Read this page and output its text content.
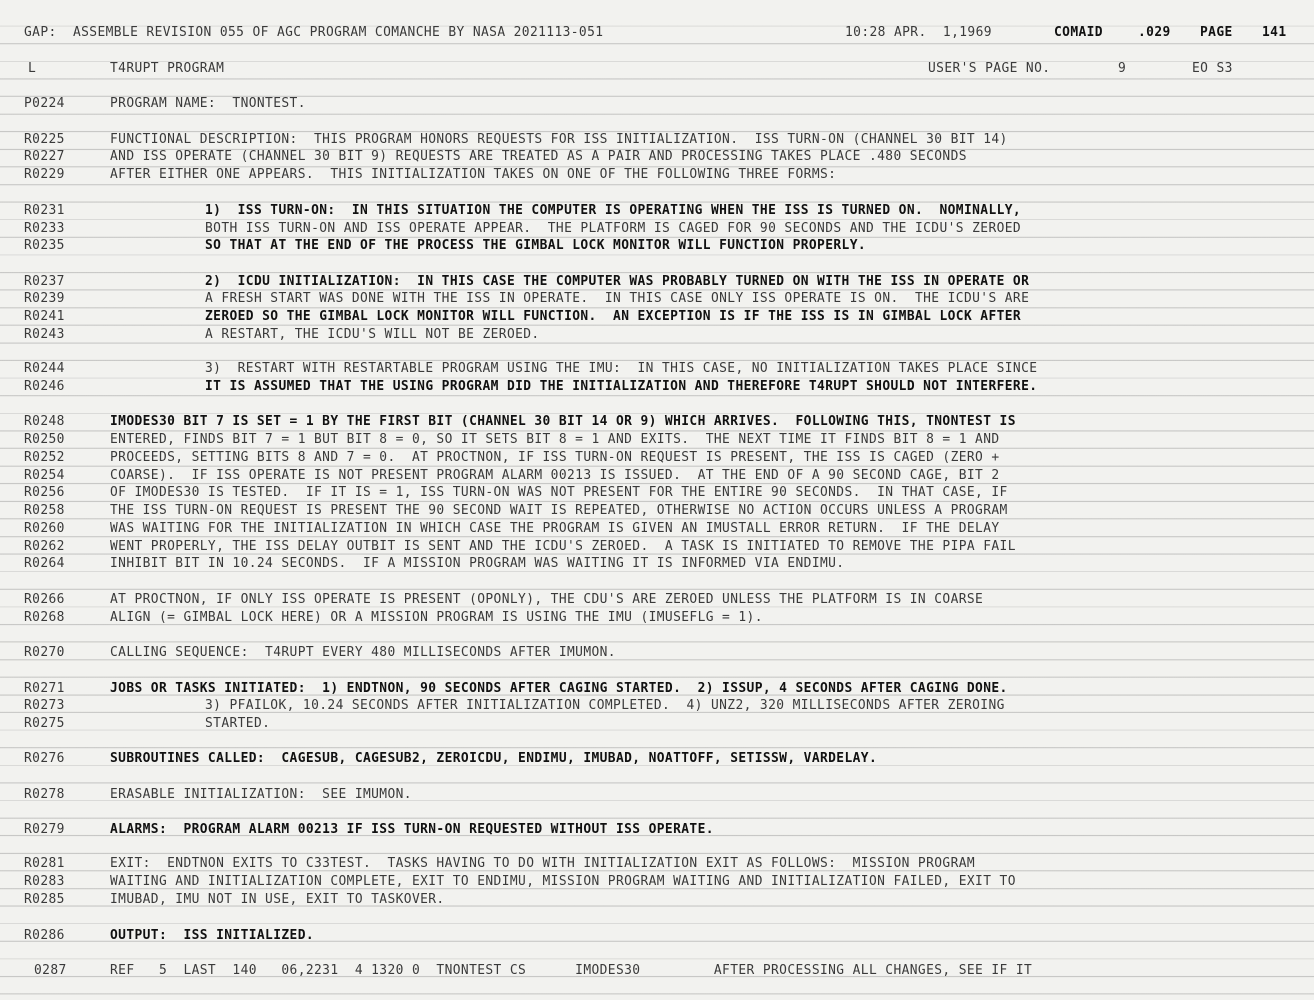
GAP:  ASSEMBLE REVISION 055 OF AGC PROGRAM COMANCHE BY NASA 2021113-051

	10:28 APR.  1,1969

	COMAID

	.029

PAGE

141

L

	T4RUPT PROGRAM

	USER'S PAGE NO.

	9

	EO S3

P0224	PROGRAM NAME:  TNONTEST.
R0225	FUNCTIONAL DESCRIPTION:  THIS PROGRAM HONORS REQUESTS FOR ISS INITIALIZATION.  ISS TURN-ON (CHANNEL 30 BIT 14)
R0227	AND ISS OPERATE (CHANNEL 30 BIT 9) REQUESTS ARE TREATED AS A PAIR AND PROCESSING TAKES PLACE .480 SECONDS
R0229	AFTER EITHER ONE APPEARS.  THIS INITIALIZATION TAKES ON ONE OF THE FOLLOWING THREE FORMS:
R0231	1)  ISS TURN-ON:  IN THIS SITUATION THE COMPUTER IS OPERATING WHEN THE ISS IS TURNED ON.  NOMINALLY,
R0233	BOTH ISS TURN-ON AND ISS OPERATE APPEAR.  THE PLATFORM IS CAGED FOR 90 SECONDS AND THE ICDU'S ZEROED
R0235	SO THAT AT THE END OF THE PROCESS THE GIMBAL LOCK MONITOR WILL FUNCTION PROPERLY.
R0237	2)  ICDU INITIALIZATION:  IN THIS CASE THE COMPUTER WAS PROBABLY TURNED ON WITH THE ISS IN OPERATE OR
R0239	A FRESH START WAS DONE WITH THE ISS IN OPERATE.  IN THIS CASE ONLY ISS OPERATE IS ON.  THE ICDU'S ARE
R0241	ZEROED SO THE GIMBAL LOCK MONITOR WILL FUNCTION.  AN EXCEPTION IS IF THE ISS IS IN GIMBAL LOCK AFTER
R0243	A RESTART, THE ICDU'S WILL NOT BE ZEROED.
R0244	3)  RESTART WITH RESTARTABLE PROGRAM USING THE IMU:  IN THIS CASE, NO INITIALIZATION TAKES PLACE SINCE
R0246	IT IS ASSUMED THAT THE USING PROGRAM DID THE INITIALIZATION AND THEREFORE T4RUPT SHOULD NOT INTERFERE.
R0248	IMODES30 BIT 7 IS SET = 1 BY THE FIRST BIT (CHANNEL 30 BIT 14 OR 9) WHICH ARRIVES.  FOLLOWING THIS, TNONTEST IS
R0250	ENTERED, FINDS BIT 7 = 1 BUT BIT 8 = 0, SO IT SETS BIT 8 = 1 AND EXITS.  THE NEXT TIME IT FINDS BIT 8 = 1 AND
R0252	PROCEEDS, SETTING BITS 8 AND 7 = 0.  AT PROCTNON, IF ISS TURN-ON REQUEST IS PRESENT, THE ISS IS CAGED (ZERO +
R0254	COARSE).  IF ISS OPERATE IS NOT PRESENT PROGRAM ALARM 00213 IS ISSUED.  AT THE END OF A 90 SECOND CAGE, BIT 2
R0256	OF IMODES30 IS TESTED.  IF IT IS = 1, ISS TURN-ON WAS NOT PRESENT FOR THE ENTIRE 90 SECONDS.  IN THAT CASE, IF
R0258	THE ISS TURN-ON REQUEST IS PRESENT THE 90 SECOND WAIT IS REPEATED, OTHERWISE NO ACTION OCCURS UNLESS A PROGRAM
R0260	WAS WAITING FOR THE INITIALIZATION IN WHICH CASE THE PROGRAM IS GIVEN AN IMUSTALL ERROR RETURN.  IF THE DELAY
R0262	WENT PROPERLY, THE ISS DELAY OUTBIT IS SENT AND THE ICDU'S ZEROED.  A TASK IS INITIATED TO REMOVE THE PIPA FAIL
R0264	INHIBIT BIT IN 10.24 SECONDS.  IF A MISSION PROGRAM WAS WAITING IT IS INFORMED VIA ENDIMU.
R0266	AT PROCTNON, IF ONLY ISS OPERATE IS PRESENT (OPONLY), THE CDU'S ARE ZEROED UNLESS THE PLATFORM IS IN COARSE
R0268	ALIGN (= GIMBAL LOCK HERE) OR A MISSION PROGRAM IS USING THE IMU (IMUSEFLG = 1).
R0270	CALLING SEQUENCE:  T4RUPT EVERY 480 MILLISECONDS AFTER IMUMON.
R0271	JOBS OR TASKS INITIATED:  1) ENDTNON, 90 SECONDS AFTER CAGING STARTED.  2) ISSUP, 4 SECONDS AFTER CAGING DONE.
R0273	3) PFAILOK, 10.24 SECONDS AFTER INITIALIZATION COMPLETED.  4) UNZ2, 320 MILLISECONDS AFTER ZEROING
R0275	STARTED.
R0276	SUBROUTINES CALLED:  CAGESUB, CAGESUB2, ZEROICDU, ENDIMU, IMUBAD, NOATTOFF, SETISSW, VARDELAY.
R0278	ERASABLE INITIALIZATION:  SEE IMUMON.
R0279	ALARMS:  PROGRAM ALARM 00213 IF ISS TURN-ON REQUESTED WITHOUT ISS OPERATE.
R0281	EXIT:  ENDTNON EXITS TO C33TEST.  TASKS HAVING TO DO WITH INITIALIZATION EXIT AS FOLLOWS:  MISSION PROGRAM
R0283	WAITING AND INITIALIZATION COMPLETE, EXIT TO ENDIMU, MISSION PROGRAM WAITING AND INITIALIZATION FAILED, EXIT TO
R0285	IMUBAD, IMU NOT IN USE, EXIT TO TASKOVER.
R0286	OUTPUT:  ISS INITIALIZED.
0287	REF   5  LAST  140   06,2231  4 1320 0  TNONTEST CS      IMODES30         AFTER PROCESSING ALL CHANGES, SEE IF IT
